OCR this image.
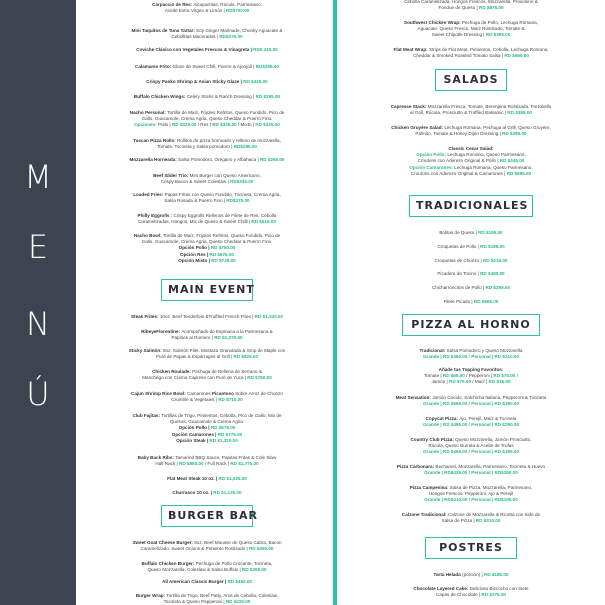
M
E
N
Ú
Carpaccio de Res: Alcaparritas, Rúcula, Parmesano,
Aceite Extra Virgen & Limón | RD$700.00
Mini Taquitos de Tuna Tartar: Soy Ginger Marinade, Chunky Aguacate &
Cebollitas Macerados | RD$375.00
Coviche Clásico con Vegetales Frescos & Vinagreta | RD$ 415.00
Calamares Frito: Glaze de Sweet Chili, Puerre & Ajonjolí | RD$295.00
Crispy Panko Shrimp & Asian Sticky Glaze | RD $425.00
Buffalo Chicken Wings: Celery Sticks & Ranch Dressing | RD $295.00
Nacho Personal: Tortilla de Maíz, Frijoles Refritos, Queso Fundido, Pico de
Gallo, Guacamole, Crema Agria, Queso Cheddar & Puerro Fino.
Opciones: Pollo | RD $325.00 / Res | RD $325.00 / Mixto | RD $325.00
Tuscan Pizza Rolls: Rollitos de pizza horneado y relleno de mozzarella,
Tomate, Tocineta y Salsa pomodoro | RD$295.00
Mozzarella Horneada: Salsa Pomodoro, Orégano y Albahaca | RD $260.00
Beef Slider Trio: Mini Burger con Queso Americano,
Crispy Bacon & Sweet Coleslaw | RD$345.00
Loaded Fries: Papas Fritas con Queso Fundido, Tocineta, Crema Agria,
Salsa Rosada & Puerro Fino | RD$375.00
Philly Eggrolls : Crispy Eggrolls Rellenos de Filete de Res, Cebolla
Caramelizadas, Hongos, Mix de Queso & Sweet Chilli | RD $515.00
Nacho Bowl: Tortilla de Maíz, Frijoles Refritos, Queso Fundido, Pico de
Gallo, Guacamole, Crema Agria, Queso Cheddar & Puerro Fino.
Opción Pollo | RD $750.00
Opción Res | RD $675.00
Opción Mixto | RD $725.00
MAIN EVENT
Steak Frites: 10oz. Beef Tenderloin &Truffled French Fries | RD $1,320.00
RibeyeFlorentine: Acompañado de Espinaca a la Parmesana &
Papines al Romero | RD $1,375.00
Sticky Salmón: 8oz. Salmón Filet, Mostaza Granulada & Srop de Maple con
Puré de Papas & Espárragos al Grill | RD $825.00
Chicken Roulade: Pechuga de Rellena de Serrano &
Manchego con Crema Caprese con Puré de Yuca | RD $760.00
Cajun Shrimp Rice Bowl: Camarones Picantoso Sobre Arroz de Chorizo
Crumble & Vegetales | RD $710.00
Club Fajitas: Tortillas de Trigo, Pimientos, Cebolla, Pico de Gallo, Mix de
Quesos, Guacamole & Crema Agria.
Opción Pollo | RD $675.00
Opción Camarones | RD $775.00
Opción Steak | RD $1,320.00
Baby Back Ribs: Tamarind BBQ Sauce, Papitas Fritas & Cole Slaw
Half Rack | RD $850.00 / Full Rack | RD $1,775.00
Flat Meat Steak 10 oz. | RD $1,325.00
Churrasco 10 oz. | RD $1,125.00
BURGER BAR
Sweet Goat Cheese Burger: 8oz. Beef Mousse de Queso Cabra, Bacon
Caramelizado, Sweet Onions & Pimiento Rostizado | RD $490.00
Buffalo Chicken Burger: Pechuga de Pollo Crocante, Tocineta,
Queso Mozzarella, Coleslaw & Salsa Buffalo | RD $395.00
All American Classic Burger | RD $450.00
Burger Wrap: Tortilla de Trigo, Beef Patty, Aros de Cebolla, Coleslaw,
Tocineta & Queso Pepperoni | RD $425.00
Cebolla Caramelizada, Hongos Frescos, Mozzarella, Provolone &
Fondue de Queso | RD $875.00
Southwest Chicken Wrap: Pechuga de Pollo, Lechuga Romana,
Aguacate, Queso Fresco, Maíz Rostizado, Tomate &
Sweet Chipotle Dressing | RD $395.00
Flat Meat Wrap: Strips de Flat Meat, Pimientos, Cebolla, Lechuga Romana,
Cheddar & Smoked Roasted Tomato Salsa | RD $650.00
SALADS
Capresse Stack: Mozzarella Fresca, Tomate, Berenjena Rostizada, Portobello
al Grill, Rúcula, Prosciutto & Truffled Balsamic | RD $395.00
Chicken Gruyère Salad: Lechuga Romana, Pechuga al Grill, Queso Gruyère,
Palmito, Tomate & Honey Dijón Dressing | RD $395.00
Classic Cesar Salad:
Opción Pollo: Lechuga Romana, Queso Parmesano,
Croutons con Aderezo Original & Pollo | RD $445.00
Opción Camarones: Lechuga Romana, Queso Parmesano,
Croutons con Aderezo Original & Camarones | RD $595.00
TRADICIONALES
Bolitas de Queso | RD $195.00
Croquetas de Pollo | RD $195.00
Croquetas de Chorizo | RD $215.00
Picadera de Tocino | RD $490.00
Chicharroncitos de Pollo | RD $295.00
Filete Picado | RD $995.00
PIZZA AL HORNO
Tradicional: Salsa Pomodoro y Queso Mozzarella
Grande | RD $380.00 / Personal | RD $210.00
Añade tus Topping Favoritos:
Tomate | RD $65.00 / Pepperoni | RD $70.00 /
Jamón | RD $70.00 / Maíz | RD $15.00
Meat Sensation: Jamón Cocido, Salchicha Italiana, Pepperoni & Tocineta
Grande | RD $595.00 / Personal | RD $390.00
Copycat Pizza: Ajo, Perejil, Maíz & Tocineta
Grande | RD $495.00 / Personal | RD $290.00
Country Club Pizza: Queso Mozzarella, Jamón Prosciutto,
Rúcula, Queso Burrata & Aceite de Trufas
Grande | RD $495.00 / Personal | RD $395.00
Pizza Carbonara: Bechamel, Mozzarella, Parmesano, Tocineta & Huevo
Grande | RD$435.00 / Personal | RD$280.00
Pizza Campesina: Salsa de Pizza, Mozzarella, Parmesano,
Hongos Frescos, Pepperoni, Ajo & Perejil
Grande | RD$410.00 / Personal | RD$195.00
Calzone Tradicional: Calzone de Mozzarella & Ricotta con Side de
Salsa de Pizza | RD $315.00
POSTRES
Tarta Helada (porción) | RD $185.00
Chocolate Layered Cake: Delicioso Bizcocho con Siete
Capas de Chocolate | RD $375.00
